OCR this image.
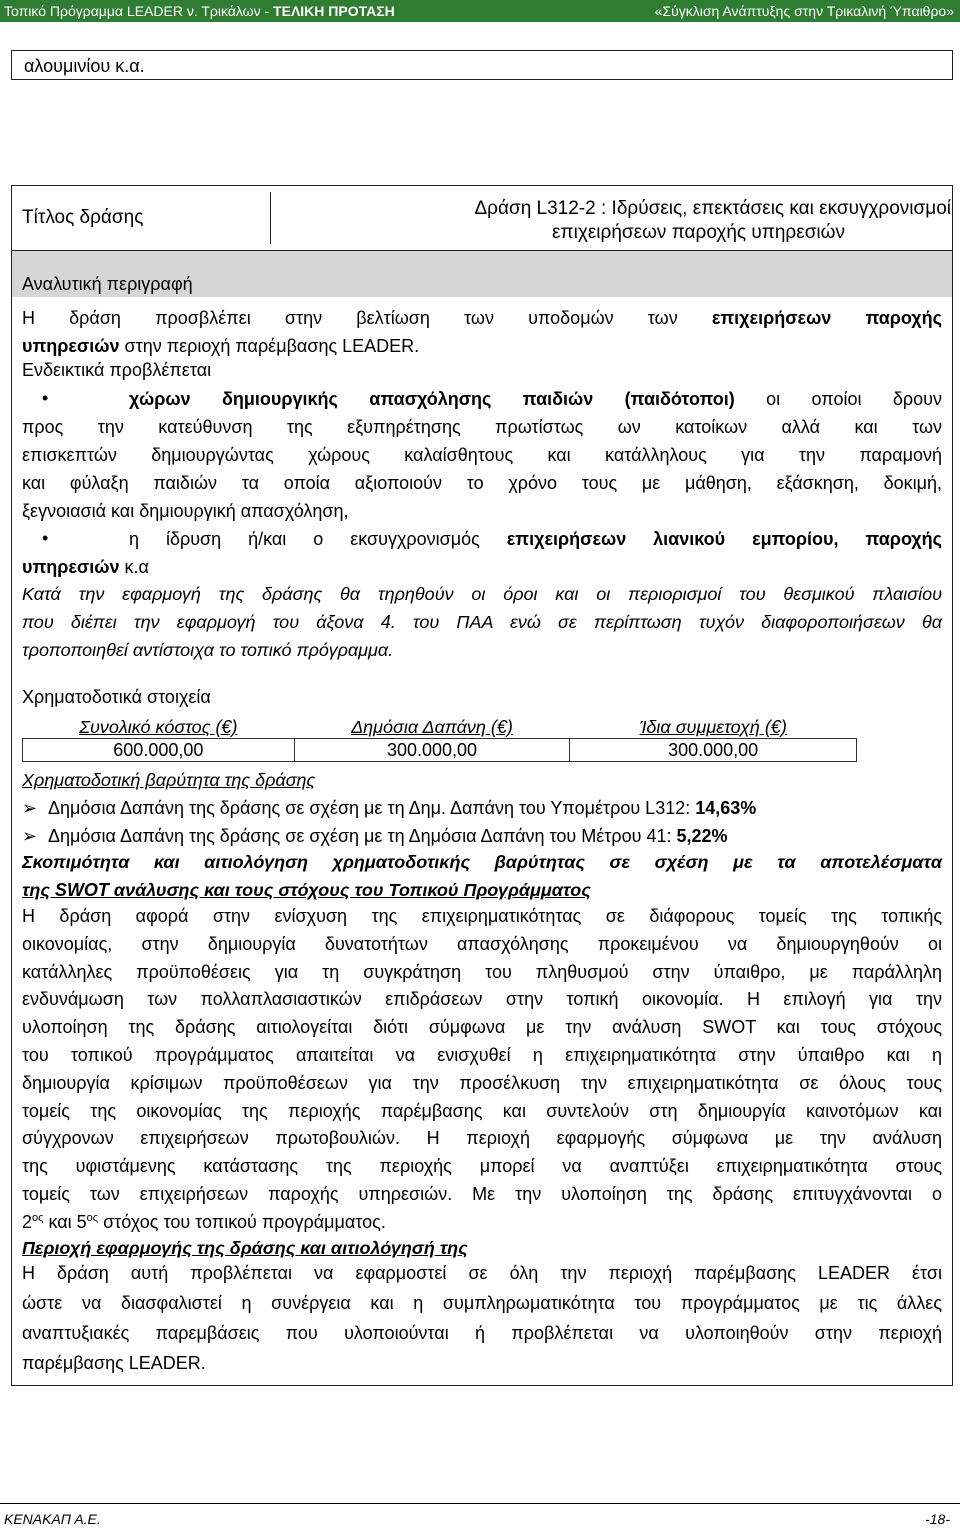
Τοπικό Πρόγραμμα LEADER ν. Τρικάλων - ΤΕΛΙΚΗ ΠΡΟΤΑΣΗ	«Σύγκλιση Ανάπτυξης στην Τρικαλινή Ύπαιθρο»
αλουμινίου κ.α.
Τίτλος δράσης	Δράση L312-2 : Ιδρύσεις, επεκτάσεις και εκσυγχρονισμοί
επιχειρήσεων παροχής υπηρεσιών
Αναλυτική περιγραφή
Η δράση προσβλέπει στην βελτίωση των υποδομών των επιχειρήσεων παροχής
υπηρεσιών στην περιοχή παρέμβασης LEADER.
Ενδεικτικά προβλέπεται
•	χώρων δημιουργικής απασχόλησης παιδιών (παιδότοποι) οι οποίοι δρουν
προς την κατεύθυνση της εξυπηρέτησης πρωτίστως ων κατοίκων αλλά και των
επισκεπτών δημιουργώντας χώρους καλαίσθητους και κατάλληλους για την παραμονή
και φύλαξη παιδιών τα οποία αξιοποιούν το χρόνο τους με μάθηση, εξάσκηση, δοκιμή,
ξεγνοιασιά και δημιουργική απασχόληση,
•	η ίδρυση ή/και ο εκσυγχρονισμός επιχειρήσεων λιανικού εμπορίου, παροχής
υπηρεσιών κ.α
Κατά την εφαρμογή της δράσης θα τηρηθούν οι όροι και οι περιορισμοί του θεσμικού πλαισίου
που διέπει την εφαρμογή του άξονα 4. του ΠΑΑ ενώ σε περίπτωση τυχόν διαφοροποιήσεων θα
τροποποιηθεί αντίστοιχα το τοπικό πρόγραμμα.
Χρηματοδοτικά στοιχεία
Συνολικό κόστος (€)	Δημόσια Δαπάνη (€)	Ίδια συμμετοχή (€)
600.000,00	300.000,00	300.000,00
Χρηματοδοτική βαρύτητα της δράσης
➢ Δημόσια Δαπάνη της δράσης σε σχέση με τη Δημ. Δαπάνη του Υπομέτρου L312: 14,63%
➢ Δημόσια Δαπάνη της δράσης σε σχέση με τη Δημόσια Δαπάνη του Μέτρου 41: 5,22%
Σκοπιμότητα και αιτιολόγηση χρηματοδοτικής βαρύτητας σε σχέση με τα αποτελέσματα
της SWOT ανάλυσης και τους στόχους του Τοπικού Προγράμματος
Η δράση αφορά στην ενίσχυση της επιχειρηματικότητας σε διάφορους τομείς της τοπικής
οικονομίας, στην δημιουργία δυνατοτήτων απασχόλησης προκειμένου να δημιουργηθούν οι
κατάλληλες προϋποθέσεις για τη συγκράτηση του πληθυσμού στην ύπαιθρο, με παράλληλη
ενδυνάμωση των πολλαπλασιαστικών επιδράσεων στην τοπική οικονομία. Η επιλογή για την
υλοποίηση της δράσης αιτιολογείται διότι σύμφωνα με την ανάλυση SWOT και τους στόχους
του τοπικού προγράμματος απαιτείται να ενισχυθεί η επιχειρηματικότητα στην ύπαιθρο και η
δημιουργία κρίσιμων προϋποθέσεων για την προσέλκυση την επιχειρηματικότητα σε όλους τους
τομείς της οικονομίας της περιοχής παρέμβασης και συντελούν στη δημιουργία καινοτόμων και
σύγχρονων επιχειρήσεων πρωτοβουλιών. Η περιοχή εφαρμογής σύμφωνα με την ανάλυση
της υφιστάμενης κατάστασης της περιοχής μπορεί να αναπτύξει επιχειρηματικότητα στους
τομείς των επιχειρήσεων παροχής υπηρεσιών. Με την υλοποίηση της δράσης επιτυγχάνονται ο
$2^{o\varsigma}$ και $5^{o\varsigma}$ στόχος του τοπικού προγράμματος.
Περιοχή εφαρμογής της δράσης και αιτιολόγησή της
Η δράση αυτή προβλέπεται να εφαρμοστεί σε όλη την περιοχή παρέμβασης LEADER έτσι
ώστε να διασφαλιστεί η συνέργεια και η συμπληρωματικότητα του προγράμματος με τις άλλες
αναπτυξιακές παρεμβάσεις που υλοποιούνται ή προβλέπεται να υλοποιηθούν στην περιοχή
παρέμβασης LEADER.
ΚΕΝΑΚΑΠ Α.Ε.	-18-
